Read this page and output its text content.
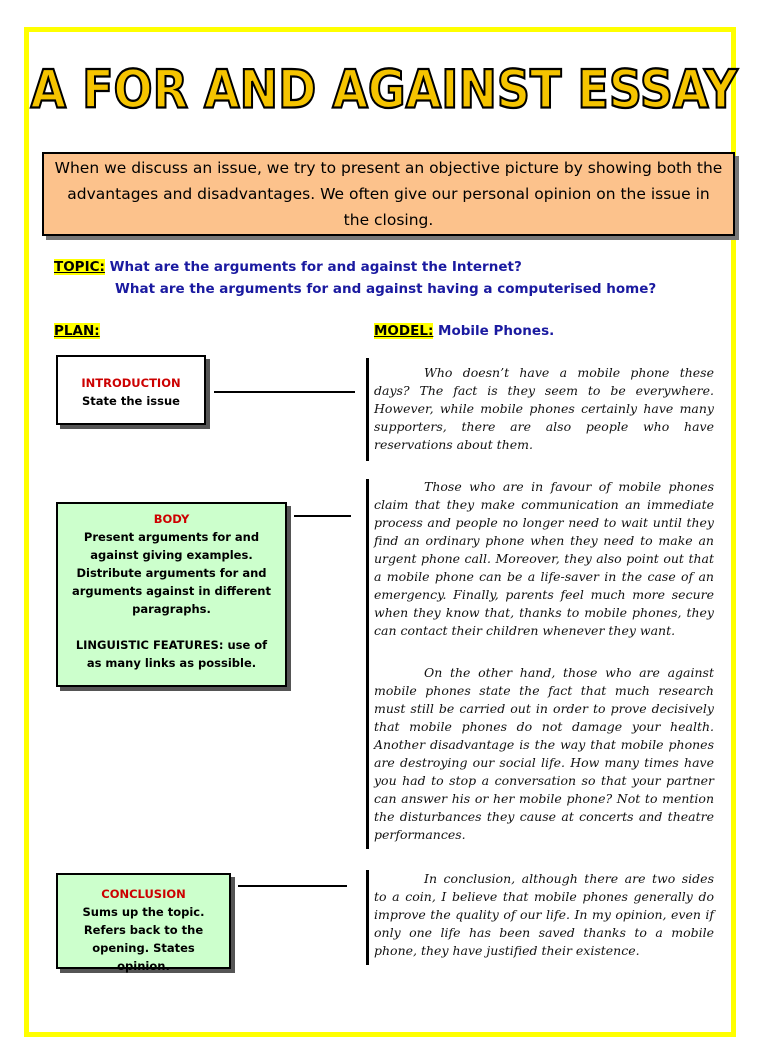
A FOR AND AGAINST ESSAY
When we discuss an issue, we try to present an objective picture by showing both the advantages and disadvantages. We often give our personal opinion on the issue in the closing.
TOPIC: What are the arguments for and against the Internet?
What are the arguments for and against having a computerised home?
PLAN:	MODEL: Mobile Phones.
INTRODUCTION
State the issue
BODY
Present arguments for and against giving examples. Distribute arguments for and arguments against in different paragraphs.
LINGUISTIC FEATURES: use of as many links as possible.
CONCLUSION
Sums up the topic. Refers back to the opening. States opinion.
Who doesn’t have a mobile phone these days? The fact is they seem to be everywhere. However, while mobile phones certainly have many supporters, there are also people who have reservations about them.
Those who are in favour of mobile phones claim that they make communication an immediate process and people no longer need to wait until they find an ordinary phone when they need to make an urgent phone call. Moreover, they also point out that a mobile phone can be a life-saver in the case of an emergency. Finally, parents feel much more secure when they know that, thanks to mobile phones, they can contact their children whenever they want.
On the other hand, those who are against mobile phones state the fact that much research must still be carried out in order to prove decisively that mobile phones do not damage your health. Another disadvantage is the way that mobile phones are destroying our social life. How many times have you had to stop a conversation so that your partner can answer his or her mobile phone? Not to mention the disturbances they cause at concerts and theatre performances.
In conclusion, although there are two sides to a coin, I believe that mobile phones generally do improve the quality of our life. In my opinion, even if only one life has been saved thanks to a mobile phone, they have justified their existence.
